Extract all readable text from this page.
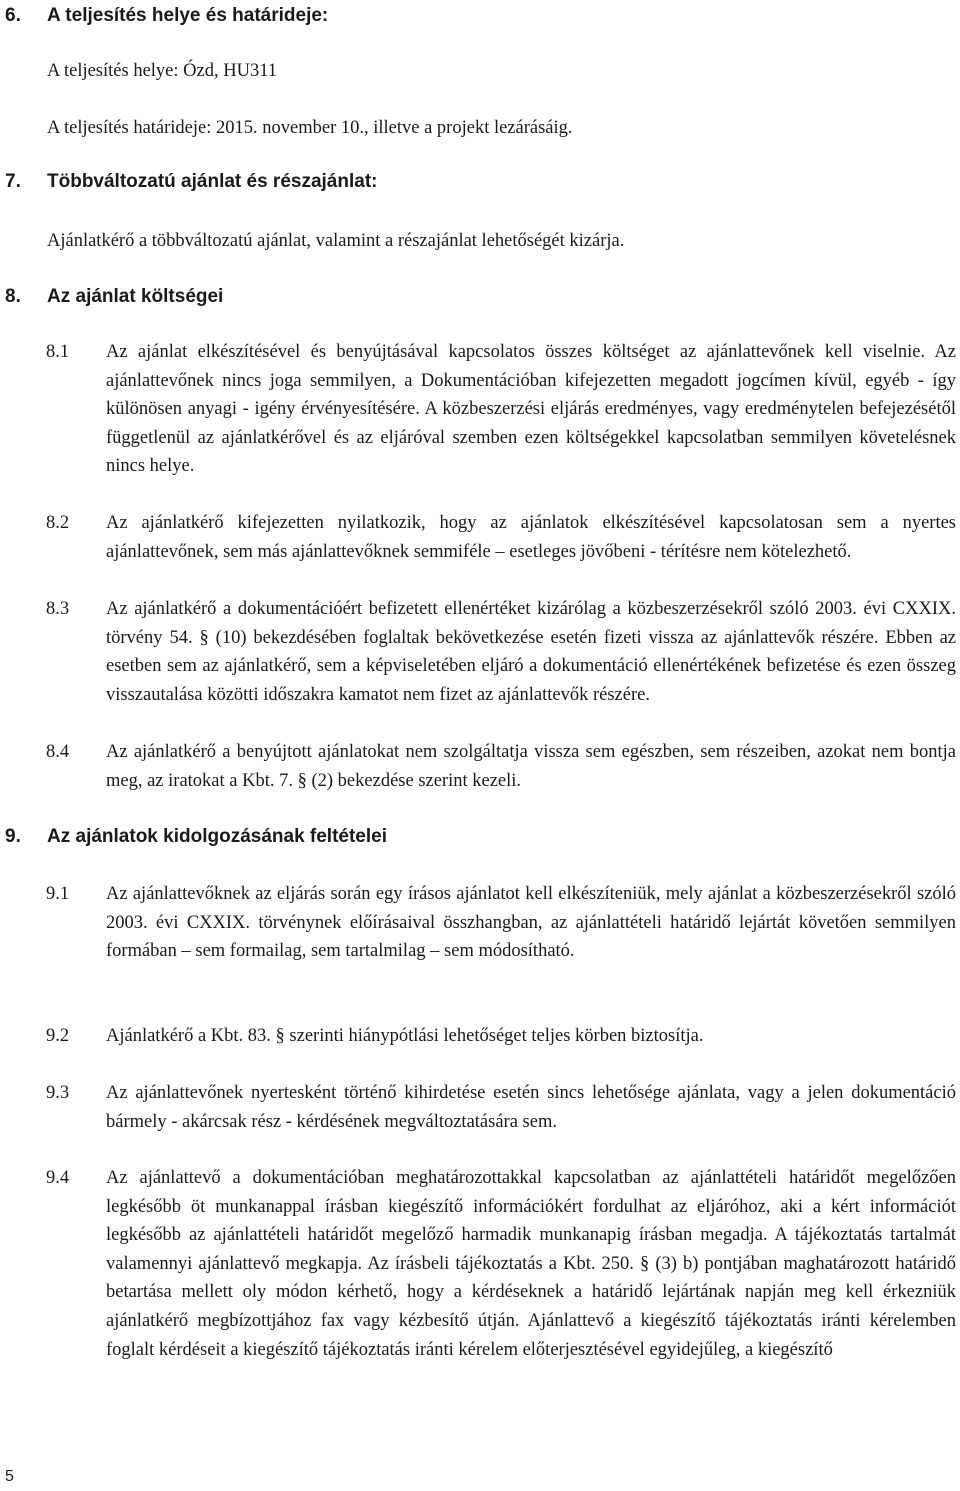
6. A teljesítés helye és határideje:
A teljesítés helye: Ózd, HU311
A teljesítés határideje: 2015. november 10., illetve a projekt lezárásáig.
7. Többváltozatú ajánlat és részajánlat:
Ajánlatkérő a többváltozatú ajánlat, valamint a részajánlat lehetőségét kizárja.
8. Az ajánlat költségei
8.1 Az ajánlat elkészítésével és benyújtásával kapcsolatos összes költséget az ajánlattevőnek kell viselnie. Az ajánlattevőnek nincs joga semmilyen, a Dokumentációban kifejezetten megadott jogcímen kívül, egyéb - így különösen anyagi - igény érvényesítésére. A közbeszerzési eljárás eredményes, vagy eredménytelen befejezésétől függetlenül az ajánlatkérővel és az eljáróval szemben ezen költségekkel kapcsolatban semmilyen követelésnek nincs helye.
8.2 Az ajánlatkérő kifejezetten nyilatkozik, hogy az ajánlatok elkészítésével kapcsolatosan sem a nyertes ajánlattevőnek, sem más ajánlattevőknek semmiféle – esetleges jövőbeni - térítésre nem kötelezhető.
8.3 Az ajánlatkérő a dokumentációért befizetett ellenértéket kizárólag a közbeszerzésekről szóló 2003. évi CXXIX. törvény 54. § (10) bekezdésében foglaltak bekövetkezése esetén fizeti vissza az ajánlattevők részére. Ebben az esetben sem az ajánlatkérő, sem a képviseletében eljáró a dokumentáció ellenértékének befizetése és ezen összeg visszautalása közötti időszakra kamatot nem fizet az ajánlattevők részére.
8.4 Az ajánlatkérő a benyújtott ajánlatokat nem szolgáltatja vissza sem egészben, sem részeiben, azokat nem bontja meg, az iratokat a Kbt. 7. § (2) bekezdése szerint kezeli.
9. Az ajánlatok kidolgozásának feltételei
9.1 Az ajánlattevőknek az eljárás során egy írásos ajánlatot kell elkészíteniük, mely ajánlat a közbeszerzésekről szóló 2003. évi CXXIX. törvénynek előírásaival összhangban, az ajánlattételi határidő lejártát követően semmilyen formában – sem formailag, sem tartalmilag – sem módosítható.
9.2 Ajánlatkérő a Kbt. 83. § szerinti hiánypótlási lehetőséget teljes körben biztosítja.
9.3 Az ajánlattevőnek nyertesként történő kihirdetése esetén sincs lehetősége ajánlata, vagy a jelen dokumentáció bármely - akárcsak rész - kérdésének megváltoztatására sem.
9.4 Az ajánlattevő a dokumentációban meghatározottakkal kapcsolatban az ajánlattételi határidőt megelőzően legkésőbb öt munkanappal írásban kiegészítő információkért fordulhat az eljáróhoz, aki a kért információt legkésőbb az ajánlattételi határidőt megelőző harmadik munkanapig írásban megadja. A tájékoztatás tartalmát valamennyi ajánlattevő megkapja. Az írásbeli tájékoztatás a Kbt. 250. § (3) b) pontjában maghatározott határidő betartása mellett oly módon kérhető, hogy a kérdéseknek a határidő lejártának napján meg kell érkezniük ajánlatkérő megbízottjához fax vagy kézbesítő útján. Ajánlattevő a kiegészítő tájékoztatás iránti kérelemben foglalt kérdéseit a kiegészítő tájékoztatás iránti kérelem előterjesztésével egyidejűleg, a kiegészítő
5
